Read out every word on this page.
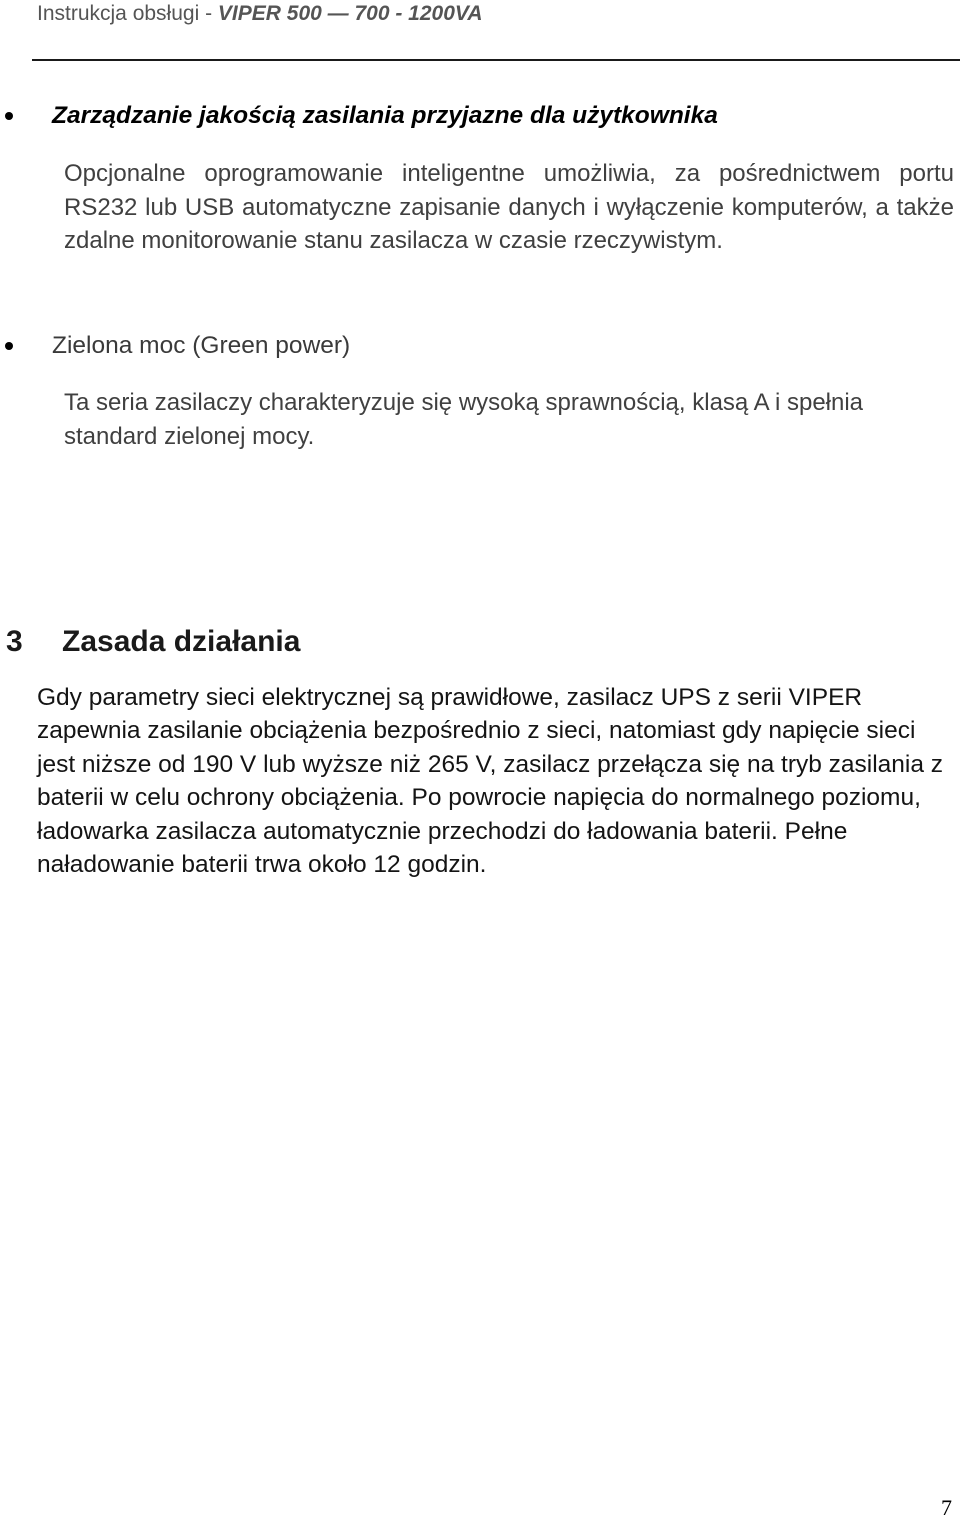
Instrukcja obsługi - VIPER 500 — 700 - 1200VA
Zarządzanie jakością zasilania przyjazne dla użytkownika

Opcjonalne oprogramowanie inteligentne umożliwia, za pośrednictwem portu RS232 lub USB automatyczne zapisanie danych i wyłączenie komputerów, a także zdalne monitorowanie stanu zasilacza w czasie rzeczywistym.

Zielona moc (Green power)

Ta seria zasilaczy charakteryzuje się wysoką sprawnością, klasą A i spełnia standard zielonej mocy.

3 Zasada działania

Gdy parametry sieci elektrycznej są prawidłowe, zasilacz UPS z serii VIPER zapewnia zasilanie obciążenia bezpośrednio z sieci, natomiast gdy napięcie sieci jest niższe od 190 V lub wyższe niż 265 V, zasilacz przełącza się na tryb zasilania z baterii w celu ochrony obciążenia. Po powrocie napięcia do normalnego poziomu, ładowarka zasilacza automatycznie przechodzi do ładowania baterii. Pełne naładowanie baterii trwa około 12 godzin.

7
